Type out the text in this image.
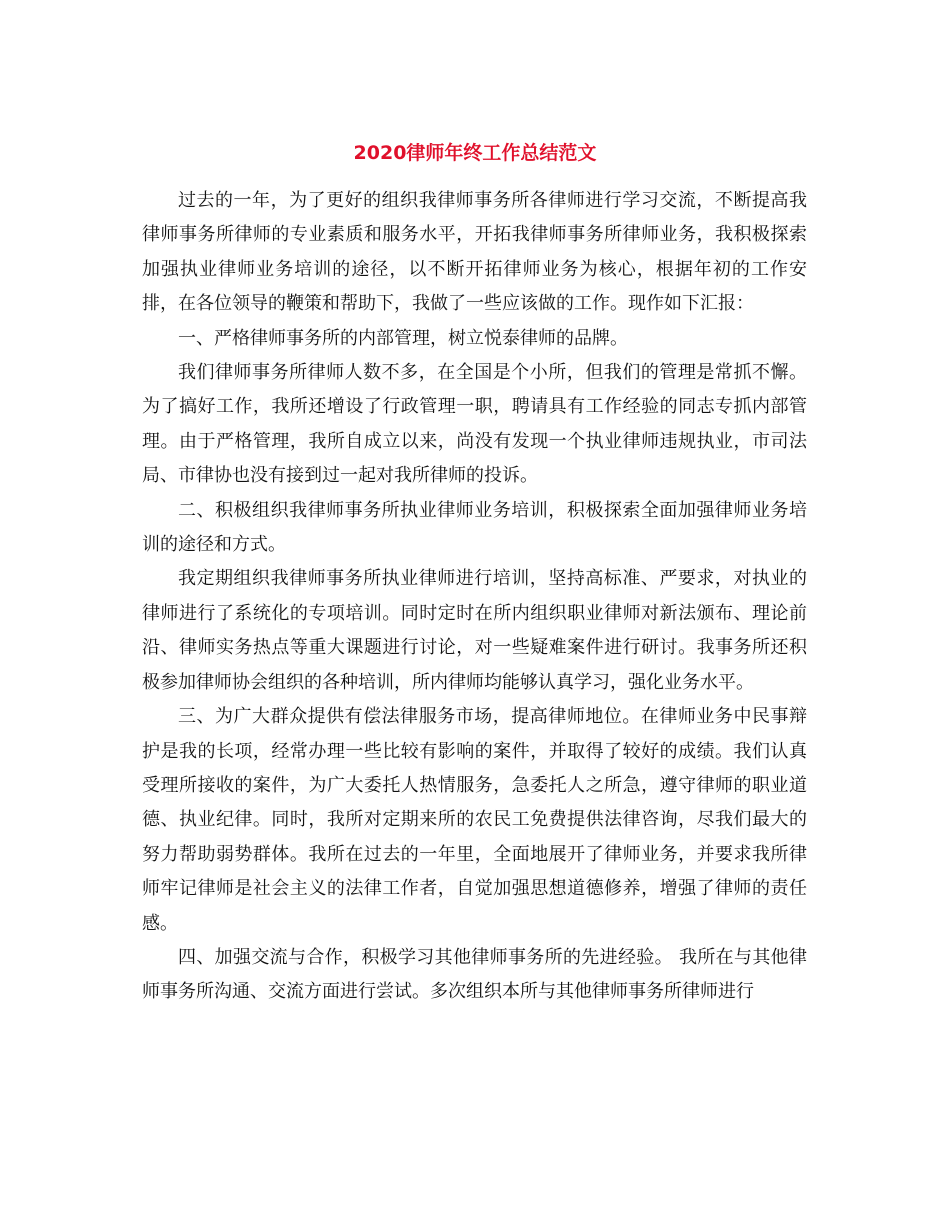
2020律师年终工作总结范文

过去的一年，为了更好的组织我律师事务所各律师进行学习交流，不断提高我律师事务所律师的专业素质和服务水平，开拓我律师事务所律师业务，我积极探索加强执业律师业务培训的途径，以不断开拓律师业务为核心，根据年初的工作安排，在各位领导的鞭策和帮助下，我做了一些应该做的工作。现作如下汇报：

一、严格律师事务所的内部管理，树立悦泰律师的品牌。

我们律师事务所律师人数不多，在全国是个小所，但我们的管理是常抓不懈。为了搞好工作，我所还增设了行政管理一职，聘请具有工作经验的同志专抓内部管理。由于严格管理，我所自成立以来，尚没有发现一个执业律师违规执业，市司法局、市律协也没有接到过一起对我所律师的投诉。

二、积极组织我律师事务所执业律师业务培训，积极探索全面加强律师业务培训的途径和方式。

我定期组织我律师事务所执业律师进行培训，坚持高标准、严要求，对执业的律师进行了系统化的专项培训。同时定时在所内组织职业律师对新法颁布、理论前沿、律师实务热点等重大课题进行讨论，对一些疑难案件进行研讨。我事务所还积极参加律师协会组织的各种培训，所内律师均能够认真学习，强化业务水平。

三、为广大群众提供有偿法律服务市场，提高律师地位。在律师业务中民事辩护是我的长项，经常办理一些比较有影响的案件，并取得了较好的成绩。我们认真受理所接收的案件，为广大委托人热情服务，急委托人之所急，遵守律师的职业道德、执业纪律。同时，我所对定期来所的农民工免费提供法律咨询，尽我们最大的努力帮助弱势群体。我所在过去的一年里，全面地展开了律师业务，并要求我所律师牢记律师是社会主义的法律工作者，自觉加强思想道德修养，增强了律师的责任感。

四、加强交流与合作，积极学习其他律师事务所的先进经验。 我所在与其他律师事务所沟通、交流方面进行尝试。多次组织本所与其他律师事务所律师进行
